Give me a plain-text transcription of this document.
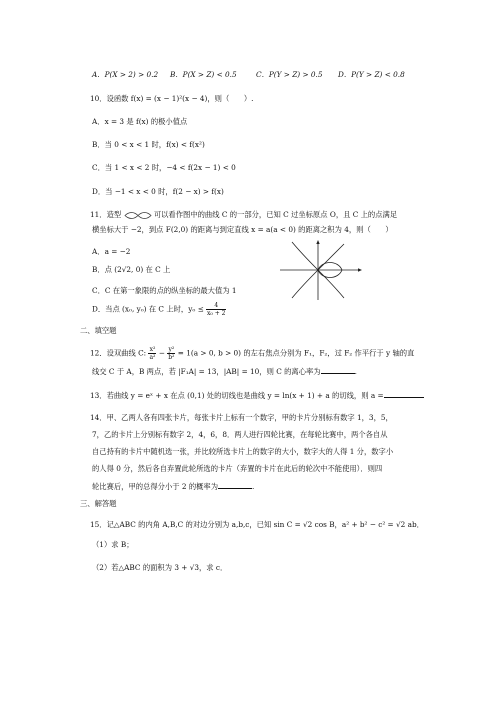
A．P(X > 2) > 0.2 B．P(X > Z) < 0.5	C．P(Y > Z) > 0.5 D．P(Y > Z) < 0.8
10．设函数 f(x) = (x − 1)²(x − 4)，则（　　）.
A．x = 3 是 f(x) 的极小值点
B．当 0 < x < 1 时，f(x) < f(x²)
C．当 1 < x < 2 时，−4 < f(2x − 1) < 0
D．当 −1 < x < 0 时，f(2 − x) > f(x)
11．造型	可以看作图中的曲线 C 的一部分，已知 C 过坐标原点 O，且 C 上的点满足
横坐标大于 −2，到点 F(2,0) 的距离与到定直线 x = a(a < 0) 的距离之积为 4，则（　　）
A．a = −2
B．点 (2√2, 0) 在 C 上
C．C 在第一象限的点的纵坐标的最大值为 1
D．当点 (x₀, y₀) 在 C 上时，$y_0 \le \frac{4}{\text{x₀ + 2}}$
二、填空题
12．设双曲线 C: $\frac{\text{x²}}{\text{a²}} - \frac{\text{y²}}{\text{b²}} = 1(a > 0$, b > 0) 的左右焦点分别为 F₁，F₂，过 F₂ 作平行于 y 轴的直
线交 C 于 A，B 两点，若 |F₁A| = 13，|AB| = 10，则 C 的离心率为	.
13．若曲线 y = eˣ + x 在点 (0,1) 处的切线也是曲线 y = ln(x + 1) + a 的切线，则 a =
14．甲、乙两人各有四张卡片，每张卡片上标有一个数字，甲的卡片分别标有数字 1，3，5，
7，乙的卡片上分别标有数字 2，4，6，8．两人进行四轮比赛，在每轮比赛中，两个各自从
自己持有的卡片中随机选一张，并比较所选卡片上的数字的大小，数字大的人得 1 分，数字小
的人得 0 分，然后各自弃置此轮所选的卡片（弃置的卡片在此后的轮次中不能使用）．则四
轮比赛后，甲的总得分小于 2 的概率为	.
三、解答题
15．记△ABC 的内角 A,B,C 的对边分别为 a,b,c，已知 sin C = √2 cos B，a² + b² − c² = √2 ab．
（1）求 B；
（2）若△ABC 的面积为 3 + √3，求 c．
